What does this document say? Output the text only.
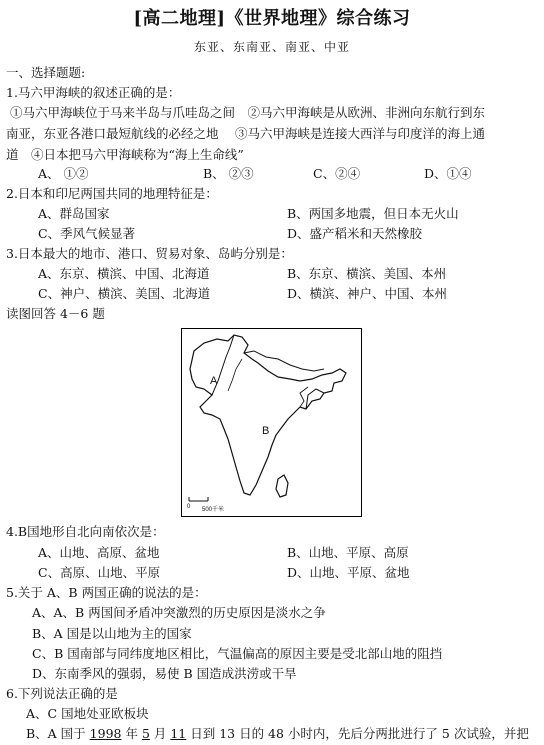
[高二地理]《世界地理》综合练习
东亚、东南亚、南亚、中亚
一、选择题题:
1.马六甲海峡的叙述正确的是：
①马六甲海峡位于马来半岛与爪哇岛之间　②马六甲海峡是从欧洲、非洲向东航行到东
南亚，东亚各港口最短航线的必经之地　 ③马六甲海峡是连接大西洋与印度洋的海上通
道　④日本把马六甲海峡称为“海上生命线”
A、 ①②	B、 ②③	C、②④	D、①④
2.日本和印尼两国共同的地理特征是：
A、群岛国家	B、两国多地震，但日本无火山
C、季风气候显著	D、盛产稻米和天然橡胶
3.日本最大的地市、港口、贸易对象、岛屿分别是：
A、东京、横滨、中国、北海道	B、东京、横滨、美国、本州
C、神户、横滨、美国、北海道	D、横滨、神户、中国、本州
读图回答 4－6 题
A
B
0 500千米
4.B国地形自北向南依次是：
A、山地、高原、盆地	B、山地、平原、高原
C、高原、山地、平原	D、山地、平原、盆地
5.关于 A、B 两国正确的说法的是：
A、A、B 两国间矛盾冲突激烈的历史原因是淡水之争
B、A 国是以山地为主的国家
C、B 国南部与同纬度地区相比，气温偏高的原因主要是受北部山地的阻挡
D、东南季风的强弱，易使 B 国造成洪涝或干旱
6.下列说法正确的是
A、C 国地处亚欧板块
B、A 国于 1998 年 5 月 11 日到 13 日的 48 小时内，先后分两批进行了 5 次试验，并把
